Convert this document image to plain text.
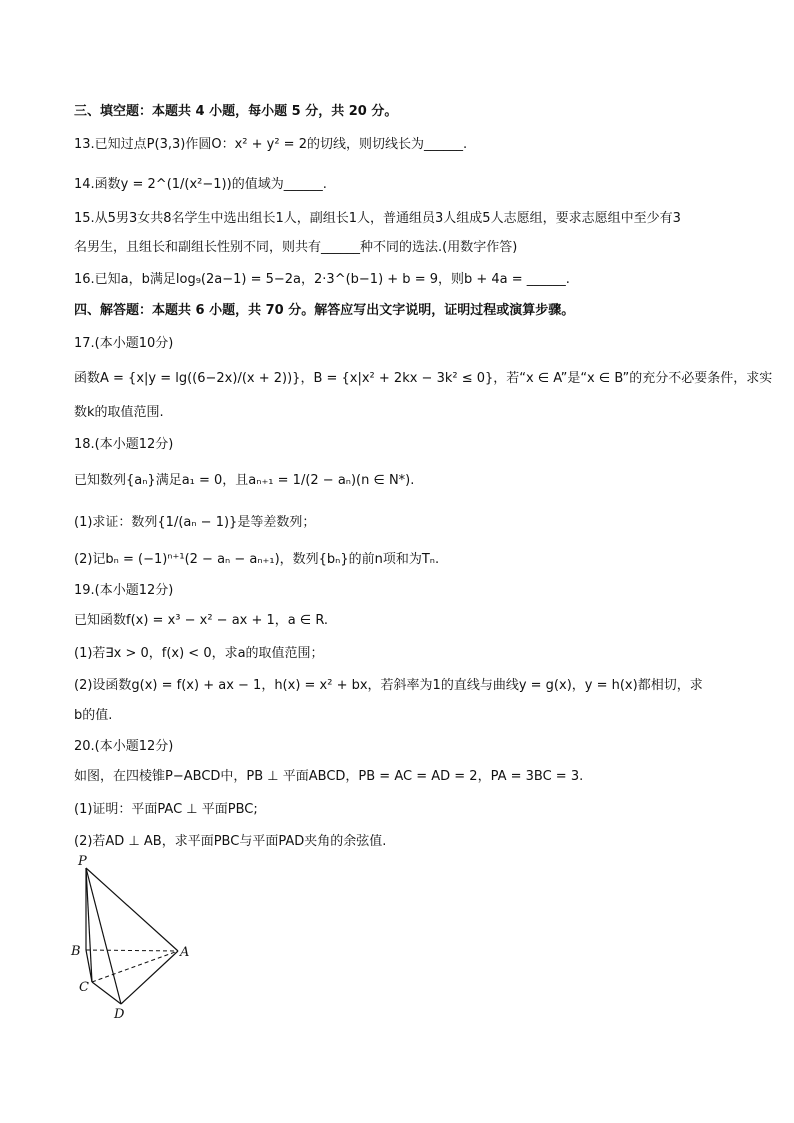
三、填空题：本题共 4 小题，每小题 5 分，共 20 分。
13.已知过点P(3,3)作圆O：x² + y² = 2的切线，则切线长为______.
14.函数y = 2^(1/(x²−1))的值域为______.
15.从5男3女共8名学生中选出组长1人，副组长1人，普通组员3人组成5人志愿组，要求志愿组中至少有3
名男生，且组长和副组长性别不同，则共有______种不同的选法.(用数字作答)
16.已知a，b满足log₉(2a−1) = 5−2a，2·3^(b−1) + b = 9，则b + 4a = ______.
四、解答题：本题共 6 小题，共 70 分。解答应写出文字说明，证明过程或演算步骤。
17.(本小题10分)
函数A = {x|y = lg((6−2x)/(x + 2))}，B = {x|x² + 2kx − 3k² ≤ 0}，若“x ∈ A”是“x ∈ B”的充分不必要条件，求实
数k的取值范围.
18.(本小题12分)
已知数列{aₙ}满足a₁ = 0，且aₙ₊₁ = 1/(2 − aₙ)(n ∈ N*).
(1)求证：数列{1/(aₙ − 1)}是等差数列；
(2)记bₙ = (−1)ⁿ⁺¹(2 − aₙ − aₙ₊₁)，数列{bₙ}的前n项和为Tₙ.
19.(本小题12分)
已知函数f(x) = x³ − x² − ax + 1，a ∈ R.
(1)若∃x > 0，f(x) < 0，求a的取值范围；
(2)设函数g(x) = f(x) + ax − 1，h(x) = x² + bx，若斜率为1的直线与曲线y = g(x)，y = h(x)都相切，求
b的值.
20.(本小题12分)
如图，在四棱锥P−ABCD中，PB ⊥ 平面ABCD，PB = AC = AD = 2，PA = 3BC = 3.
(1)证明：平面PAC ⊥ 平面PBC;
(2)若AD ⊥ AB，求平面PBC与平面PAD夹角的余弦值.
P
B	A
C
D
